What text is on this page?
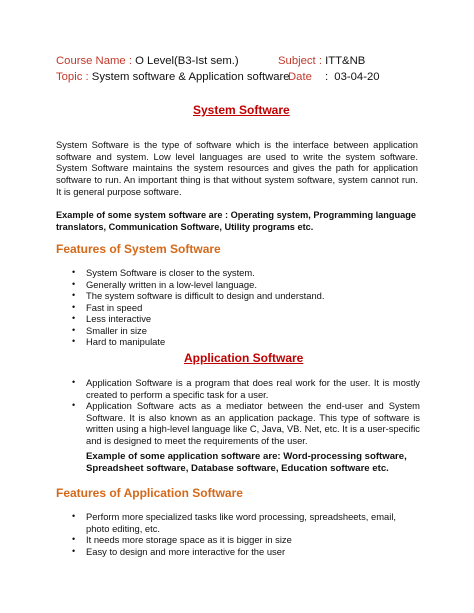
Course Name : O Level(B3-Ist sem.)	Subject : ITT&NB
Topic : System software & Application software
Date : 03-04-20
System Software

System Software is the type of software which is the interface between application software and system. Low level languages are used to write the system software. System Software maintains the system resources and gives the path for application software to run. An important thing is that without system software, system cannot run. It is general purpose software.

Example of some system software are : Operating system, Programming language translators, Communication Software, Utility programs etc.

Features of System Software
• System Software is closer to the system.
• Generally written in a low-level language.
• The system software is difficult to design and understand.
• Fast in speed
• Less interactive
• Smaller in size
• Hard to manipulate
Application Software
• Application Software is a program that does real work for the user. It is mostly created to perform a specific task for a user.
• Application Software acts as a mediator between the end-user and System Software. It is also known as an application package. This type of software is written using a high-level language like C, Java, VB. Net, etc. It is a user-specific and is designed to meet the requirements of the user.

Example of some application software are: Word-processing software, Spreadsheet software, Database software, Education software etc.

Features of Application Software
• Perform more specialized tasks like word processing, spreadsheets, email, photo editing, etc.
• It needs more storage space as it is bigger in size
• Easy to design and more interactive for the user
